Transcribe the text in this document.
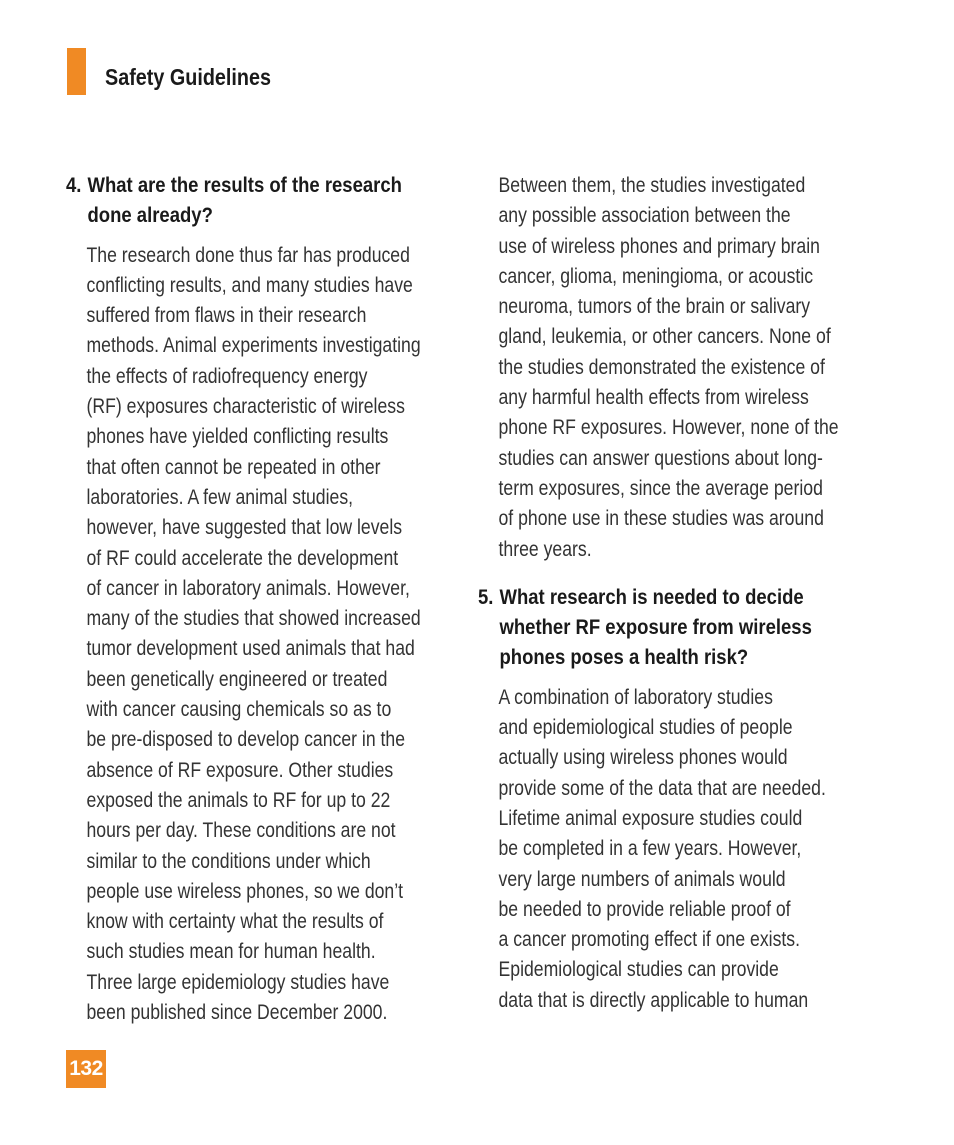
Safety Guidelines
4. What are the results of the research
done already?

The research done thus far has produced
conflicting results, and many studies have
suffered from flaws in their research
methods. Animal experiments investigating
the effects of radiofrequency energy
(RF) exposures characteristic of wireless
phones have yielded conflicting results
that often cannot be repeated in other
laboratories. A few animal studies,
however, have suggested that low levels
of RF could accelerate the development
of cancer in laboratory animals. However,
many of the studies that showed increased
tumor development used animals that had
been genetically engineered or treated
with cancer causing chemicals so as to
be pre-disposed to develop cancer in the
absence of RF exposure. Other studies
exposed the animals to RF for up to 22
hours per day. These conditions are not
similar to the conditions under which
people use wireless phones, so we don’t
know with certainty what the results of
such studies mean for human health.
Three large epidemiology studies have
been published since December 2000.

Between them, the studies investigated
any possible association between the
use of wireless phones and primary brain
cancer, glioma, meningioma, or acoustic
neuroma, tumors of the brain or salivary
gland, leukemia, or other cancers. None of
the studies demonstrated the existence of
any harmful health effects from wireless
phone RF exposures. However, none of the
studies can answer questions about long-
term exposures, since the average period
of phone use in these studies was around
three years.

5. What research is needed to decide
whether RF exposure from wireless
phones poses a health risk?

A combination of laboratory studies
and epidemiological studies of people
actually using wireless phones would
provide some of the data that are needed.
Lifetime animal exposure studies could
be completed in a few years. However,
very large numbers of animals would
be needed to provide reliable proof of
a cancer promoting effect if one exists.
Epidemiological studies can provide
data that is directly applicable to human

132
